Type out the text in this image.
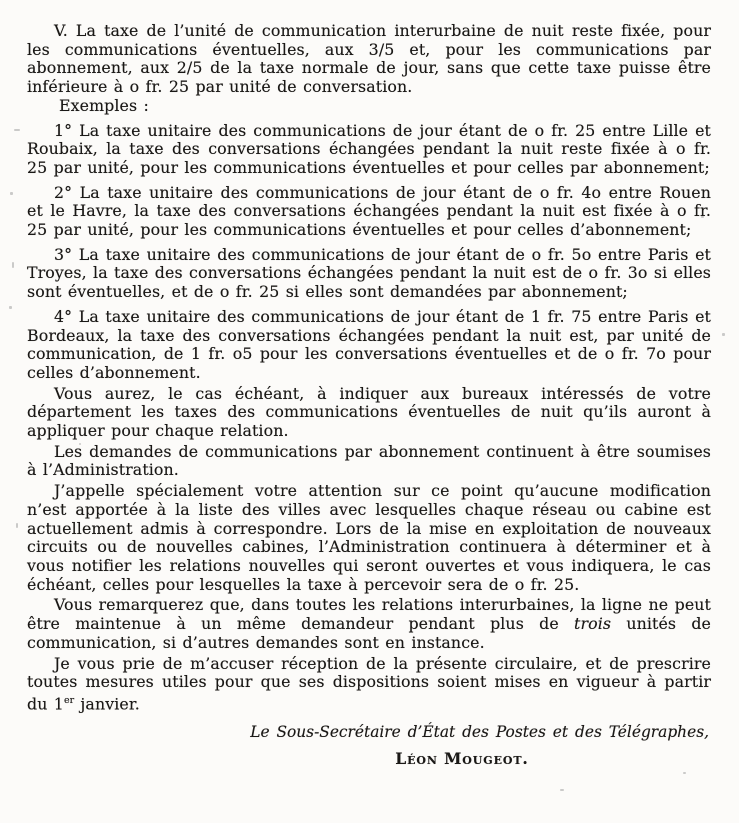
V. La taxe de l’unité de communication interurbaine de nuit reste fixée, pour les communications éventuelles, aux 3/5 et, pour les communications par abonnement, aux 2/5 de la taxe normale de jour, sans que cette taxe puisse être inférieure à o fr. 25 par unité de conversation.

Exemples :

1° La taxe unitaire des communications de jour étant de o fr. 25 entre Lille et Roubaix, la taxe des conversations échangées pendant la nuit reste fixée à o fr. 25 par unité, pour les communications éventuelles et pour celles par abonnement;

2° La taxe unitaire des communications de jour étant de o fr. 4o entre Rouen et le Havre, la taxe des conversations échangées pendant la nuit est fixée à o fr. 25 par unité, pour les communications éventuelles et pour celles d’abonnement;

3° La taxe unitaire des communications de jour étant de o fr. 5o entre Paris et Troyes, la taxe des conversations échangées pendant la nuit est de o fr. 3o si elles sont éventuelles, et de o fr. 25 si elles sont demandées par abonnement;

4° La taxe unitaire des communications de jour étant de 1 fr. 75 entre Paris et Bordeaux, la taxe des conversations échangées pendant la nuit est, par unité de communication, de 1 fr. o5 pour les conversations éventuelles et de o fr. 7o pour celles d’abonnement.

Vous aurez, le cas échéant, à indiquer aux bureaux intéressés de votre département les taxes des communications éventuelles de nuit qu’ils auront à appliquer pour chaque relation.

Les demandes de communications par abonnement continuent à être soumises à l’Administration.

J’appelle spécialement votre attention sur ce point qu’aucune modification n’est apportée à la liste des villes avec lesquelles chaque réseau ou cabine est actuellement admis à correspondre. Lors de la mise en exploitation de nouveaux circuits ou de nouvelles cabines, l’Administration continuera à déterminer et à vous notifier les relations nouvelles qui seront ouvertes et vous indiquera, le cas échéant, celles pour lesquelles la taxe à percevoir sera de o fr. 25.

Vous remarquerez que, dans toutes les relations interurbaines, la ligne ne peut être maintenue à un même demandeur pendant plus de trois unités de communication, si d’autres demandes sont en instance.

Je vous prie de m’accuser réception de la présente circulaire, et de prescrire toutes mesures utiles pour que ses dispositions soient mises en vigueur à partir du 1er janvier.

Le Sous-Secrétaire d’État des Postes et des Télégraphes,

Léon Mougeot.
